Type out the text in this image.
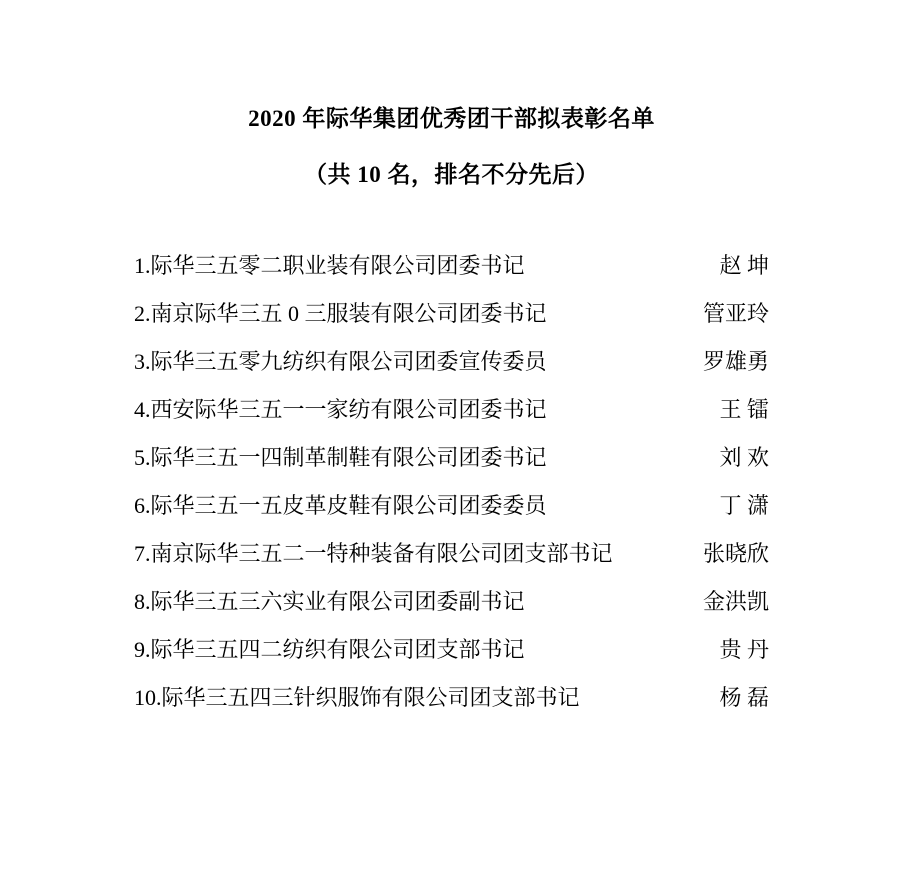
2020 年际华集团优秀团干部拟表彰名单
（共 10 名，排名不分先后）
1. 际华三五零二职业装有限公司团委书记	赵 坤
2. 南京际华三五 0 三服装有限公司团委书记	管亚玲
3. 际华三五零九纺织有限公司团委宣传委员	罗雄勇
4. 西安际华三五一一家纺有限公司团委书记	王 镭
5. 际华三五一四制革制鞋有限公司团委书记	刘 欢
6. 际华三五一五皮革皮鞋有限公司团委委员	丁 潇
7. 南京际华三五二一特种装备有限公司团支部书记	张晓欣
8. 际华三五三六实业有限公司团委副书记	金洪凯
9. 际华三五四二纺织有限公司团支部书记	贵 丹
10. 际华三五四三针织服饰有限公司团支部书记	杨 磊
